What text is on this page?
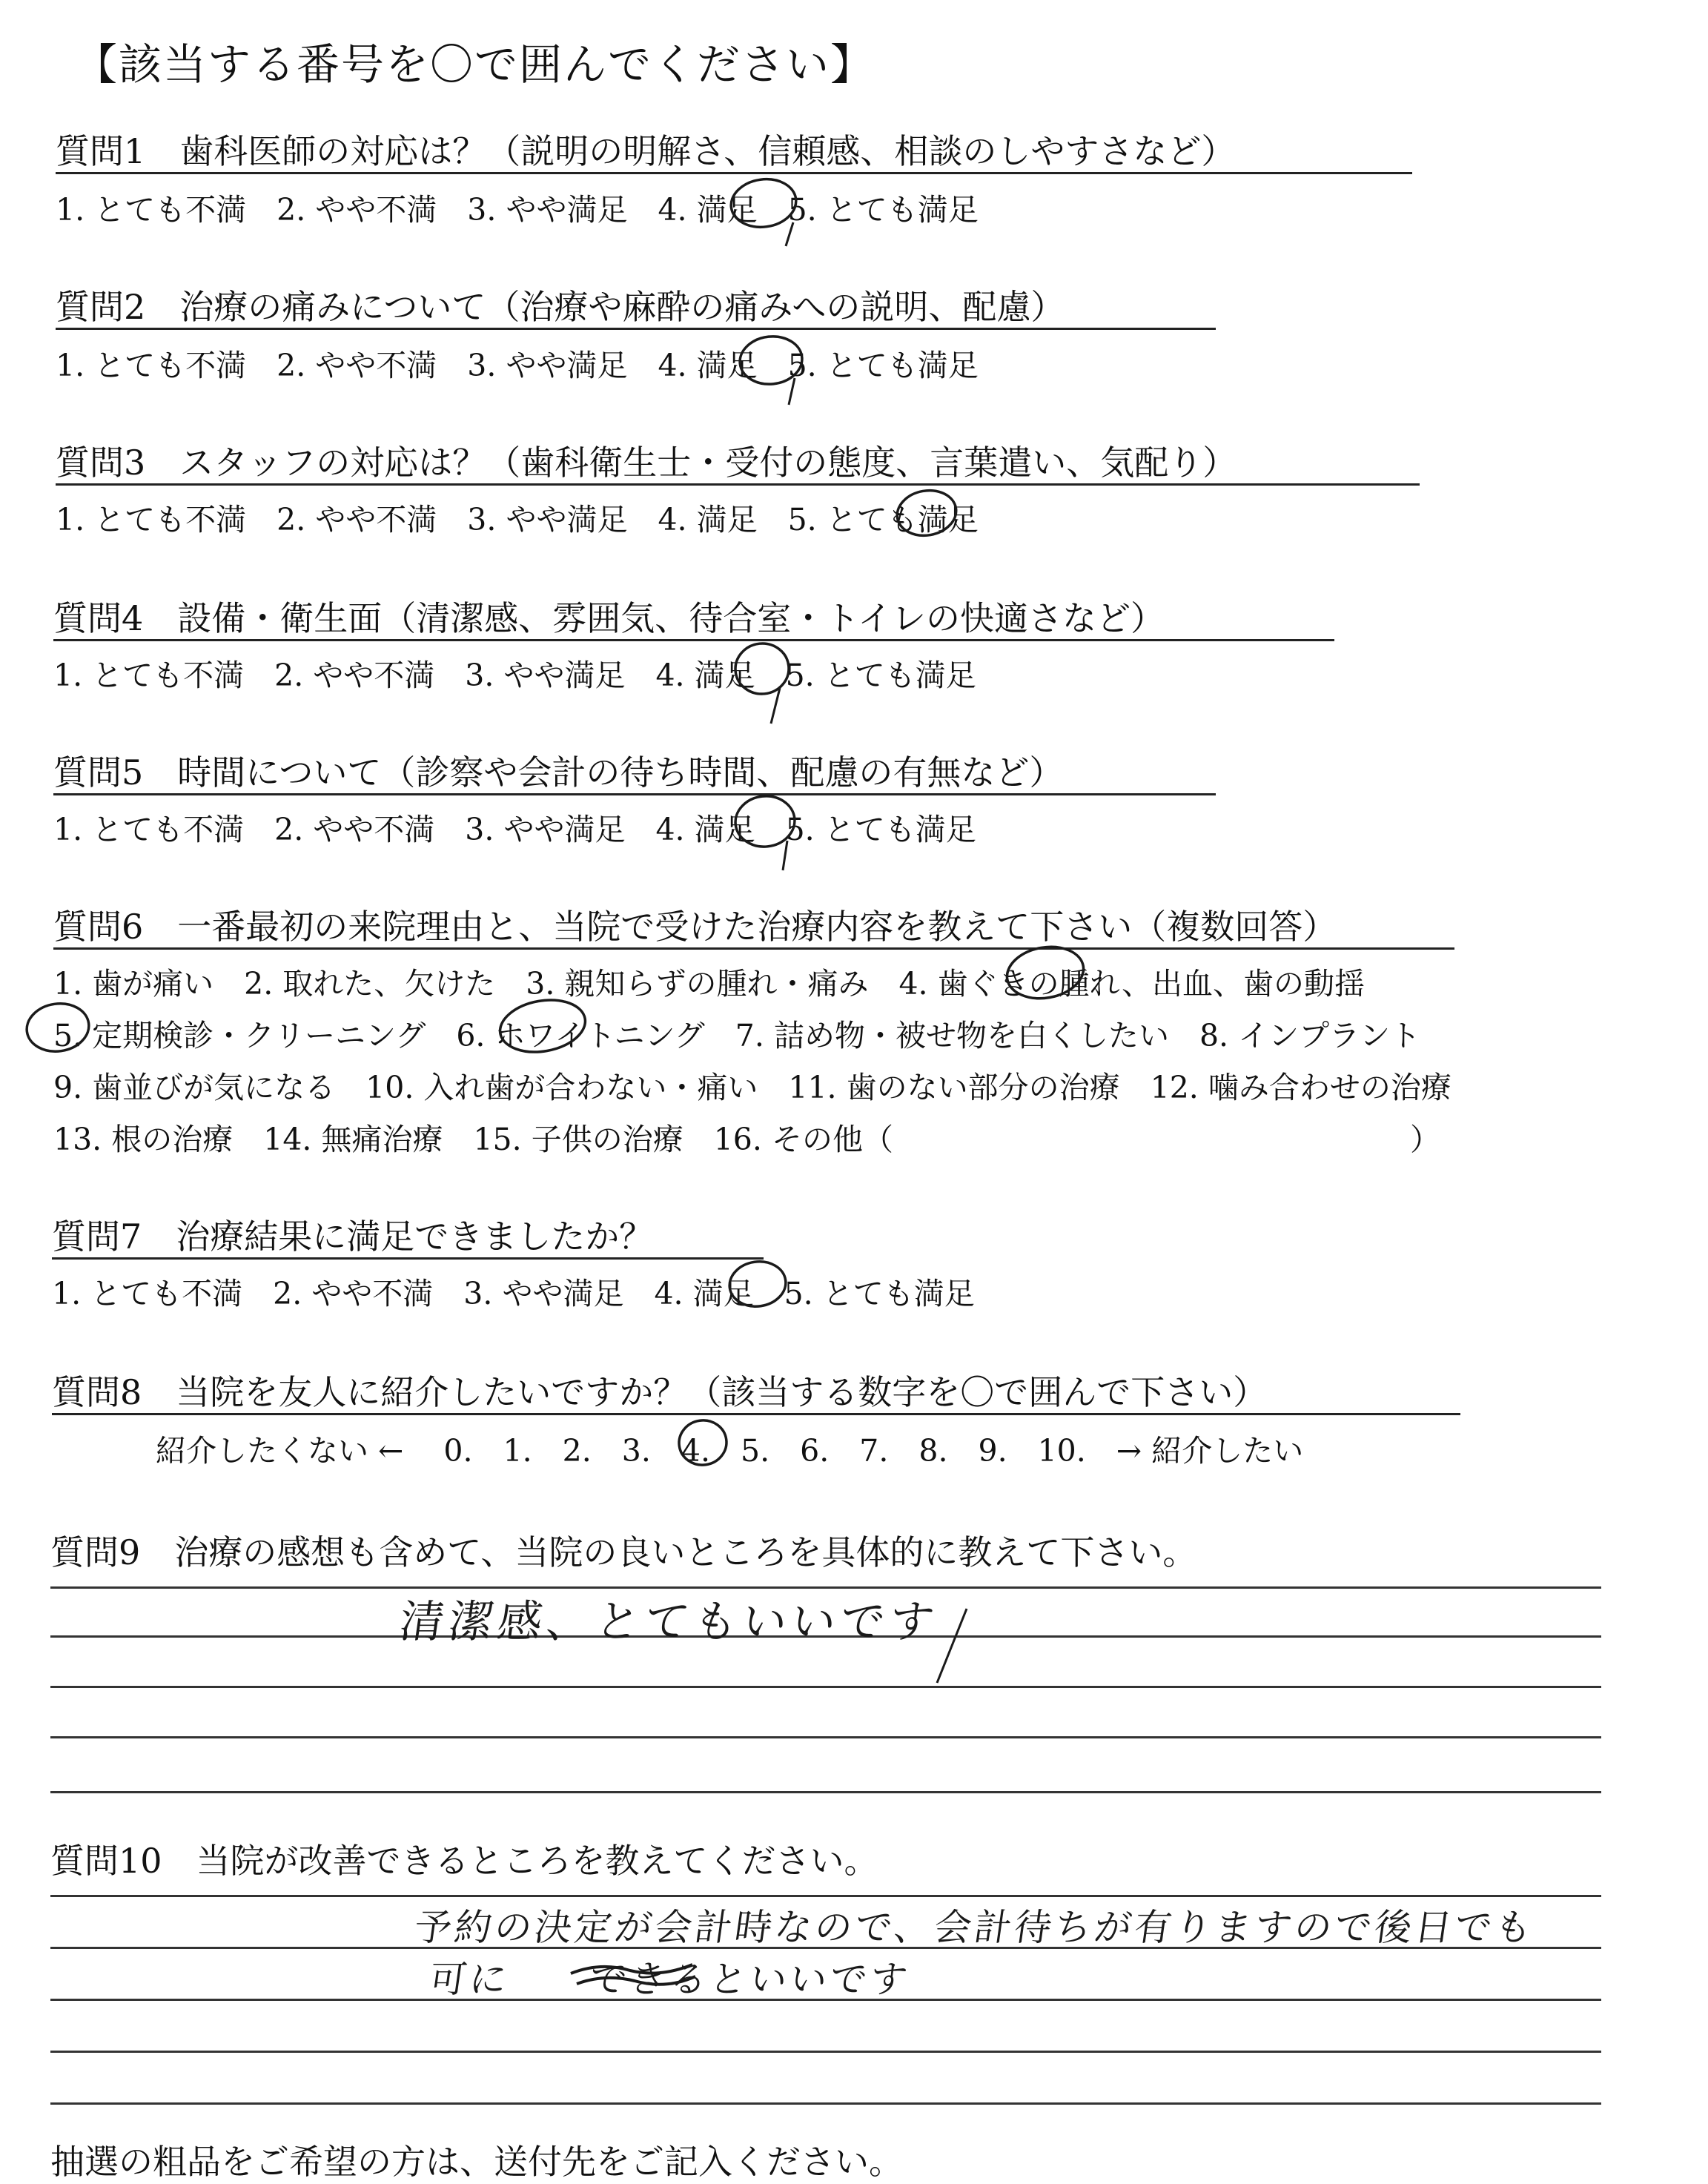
【該当する番号を〇で囲んでください】
質問1　歯科医師の対応は？（説明の明解さ、信頼感、相談のしやすさなど）
1. とても不満　2. やや不満　3. やや満足　4. 満足　5. とても満足
質問2　治療の痛みについて（治療や麻酔の痛みへの説明、配慮）
1. とても不満　2. やや不満　3. やや満足　4. 満足　5. とても満足
質問3　スタッフの対応は？（歯科衛生士・受付の態度、言葉遣い、気配り）
1. とても不満　2. やや不満　3. やや満足　4. 満足　5. とても満足
質問4　設備・衛生面（清潔感、雰囲気、待合室・トイレの快適さなど）
1. とても不満　2. やや不満　3. やや満足　4. 満足　5. とても満足
質問5　時間について（診察や会計の待ち時間、配慮の有無など）
1. とても不満　2. やや不満　3. やや満足　4. 満足　5. とても満足
質問6　一番最初の来院理由と、当院で受けた治療内容を教えて下さい（複数回答）
1. 歯が痛い　2. 取れた、欠けた　3. 親知らずの腫れ・痛み　4. 歯ぐきの腫れ、出血、歯の動揺
5. 定期検診・クリーニング　6. ホワイトニング　7. 詰め物・被せ物を白くしたい　8. インプラント
9. 歯並びが気になる　10. 入れ歯が合わない・痛い　11. 歯のない部分の治療　12. 噛み合わせの治療
13. 根の治療　14. 無痛治療　15. 子供の治療　16. その他（　　　　　　　　　　　　　　　　　）
質問7　治療結果に満足できましたか？
1. とても不満　2. やや不満　3. やや満足　4. 満足　5. とても満足
質問8　当院を友人に紹介したいですか？（該当する数字を〇で囲んで下さい）
紹介したくない ← 　0.　1.　2.　3.　4.　5.　6.　7.　8.　9.　10.　→ 紹介したい
質問9　治療の感想も含めて、当院の良いところを具体的に教えて下さい。
清潔感、とてもいいです
質問10　当院が改善できるところを教えてください。
予約の決定が会計時なので、会計待ちが有りますので後日でも
可に　　できるといいです
抽選の粗品をご希望の方は、送付先をご記入ください。
